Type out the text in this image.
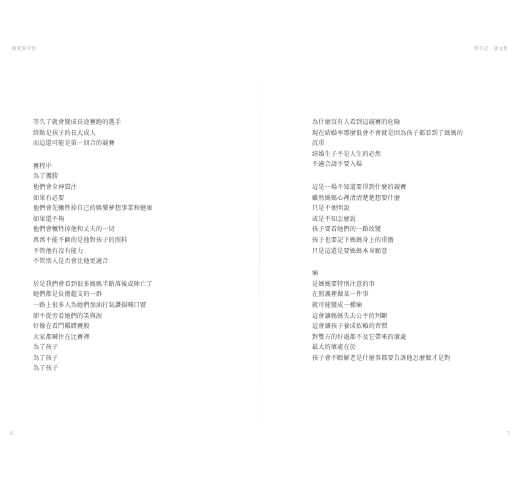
衛愛與可怕	對手記 · 譯文集
等久了就會變成長途賽跑的選手
終點是孩子的長大成人
而這還可能是第一回合的競賽
賽程中
為了獲勝
他們會全神貫注
如果有必要
他們會先犧牲掉自己的娛樂夢想事業和健康
如果還不夠
他們會犧牲掉他和丈夫的一切
萬萬不能不顧的是他對孩子的照料
不管他有沒有能力
不管別人是否會比他更適合
於是我們會看到很多媽媽半路落後或陣亡了
她們都是負擔超支的一群
一路上很多人為她們加油打氣讚揚喊口號
卻不從旁看她們的笑與淚
好像在看鬥雞賭賽般
大家都喊住在比賽裡
為了孩子
為了孩子
為了孩子
為什麼沒有人看到這競賽的危險
現在結婚率那麼低會不會就是因為孩子都看到了媽媽的
沉重
結婚生子不是人生的必然
不適合請不要入場
這是一場不知道要得到什麼的競賽
雖然媽媽心裡清清楚楚想要什麼
只是不便明說
或是不知怎麼說
孩子要看她們的一路改變
孩子也要記下媽媽身上的重擔
只是這還是要媽媽本身願意
痛
是媽媽要特別注意的事
在照護裡做某一件事
就可能變成一種痛
這會讓媽媽失去公平的判斷
這會讓孩子養成依賴的習慣
對雙方的好處都不及它帶來的壞處
最大的壞處在於
孩子會不瞭解老是什麼事都要告訴他怎麼做才是對
6	7
